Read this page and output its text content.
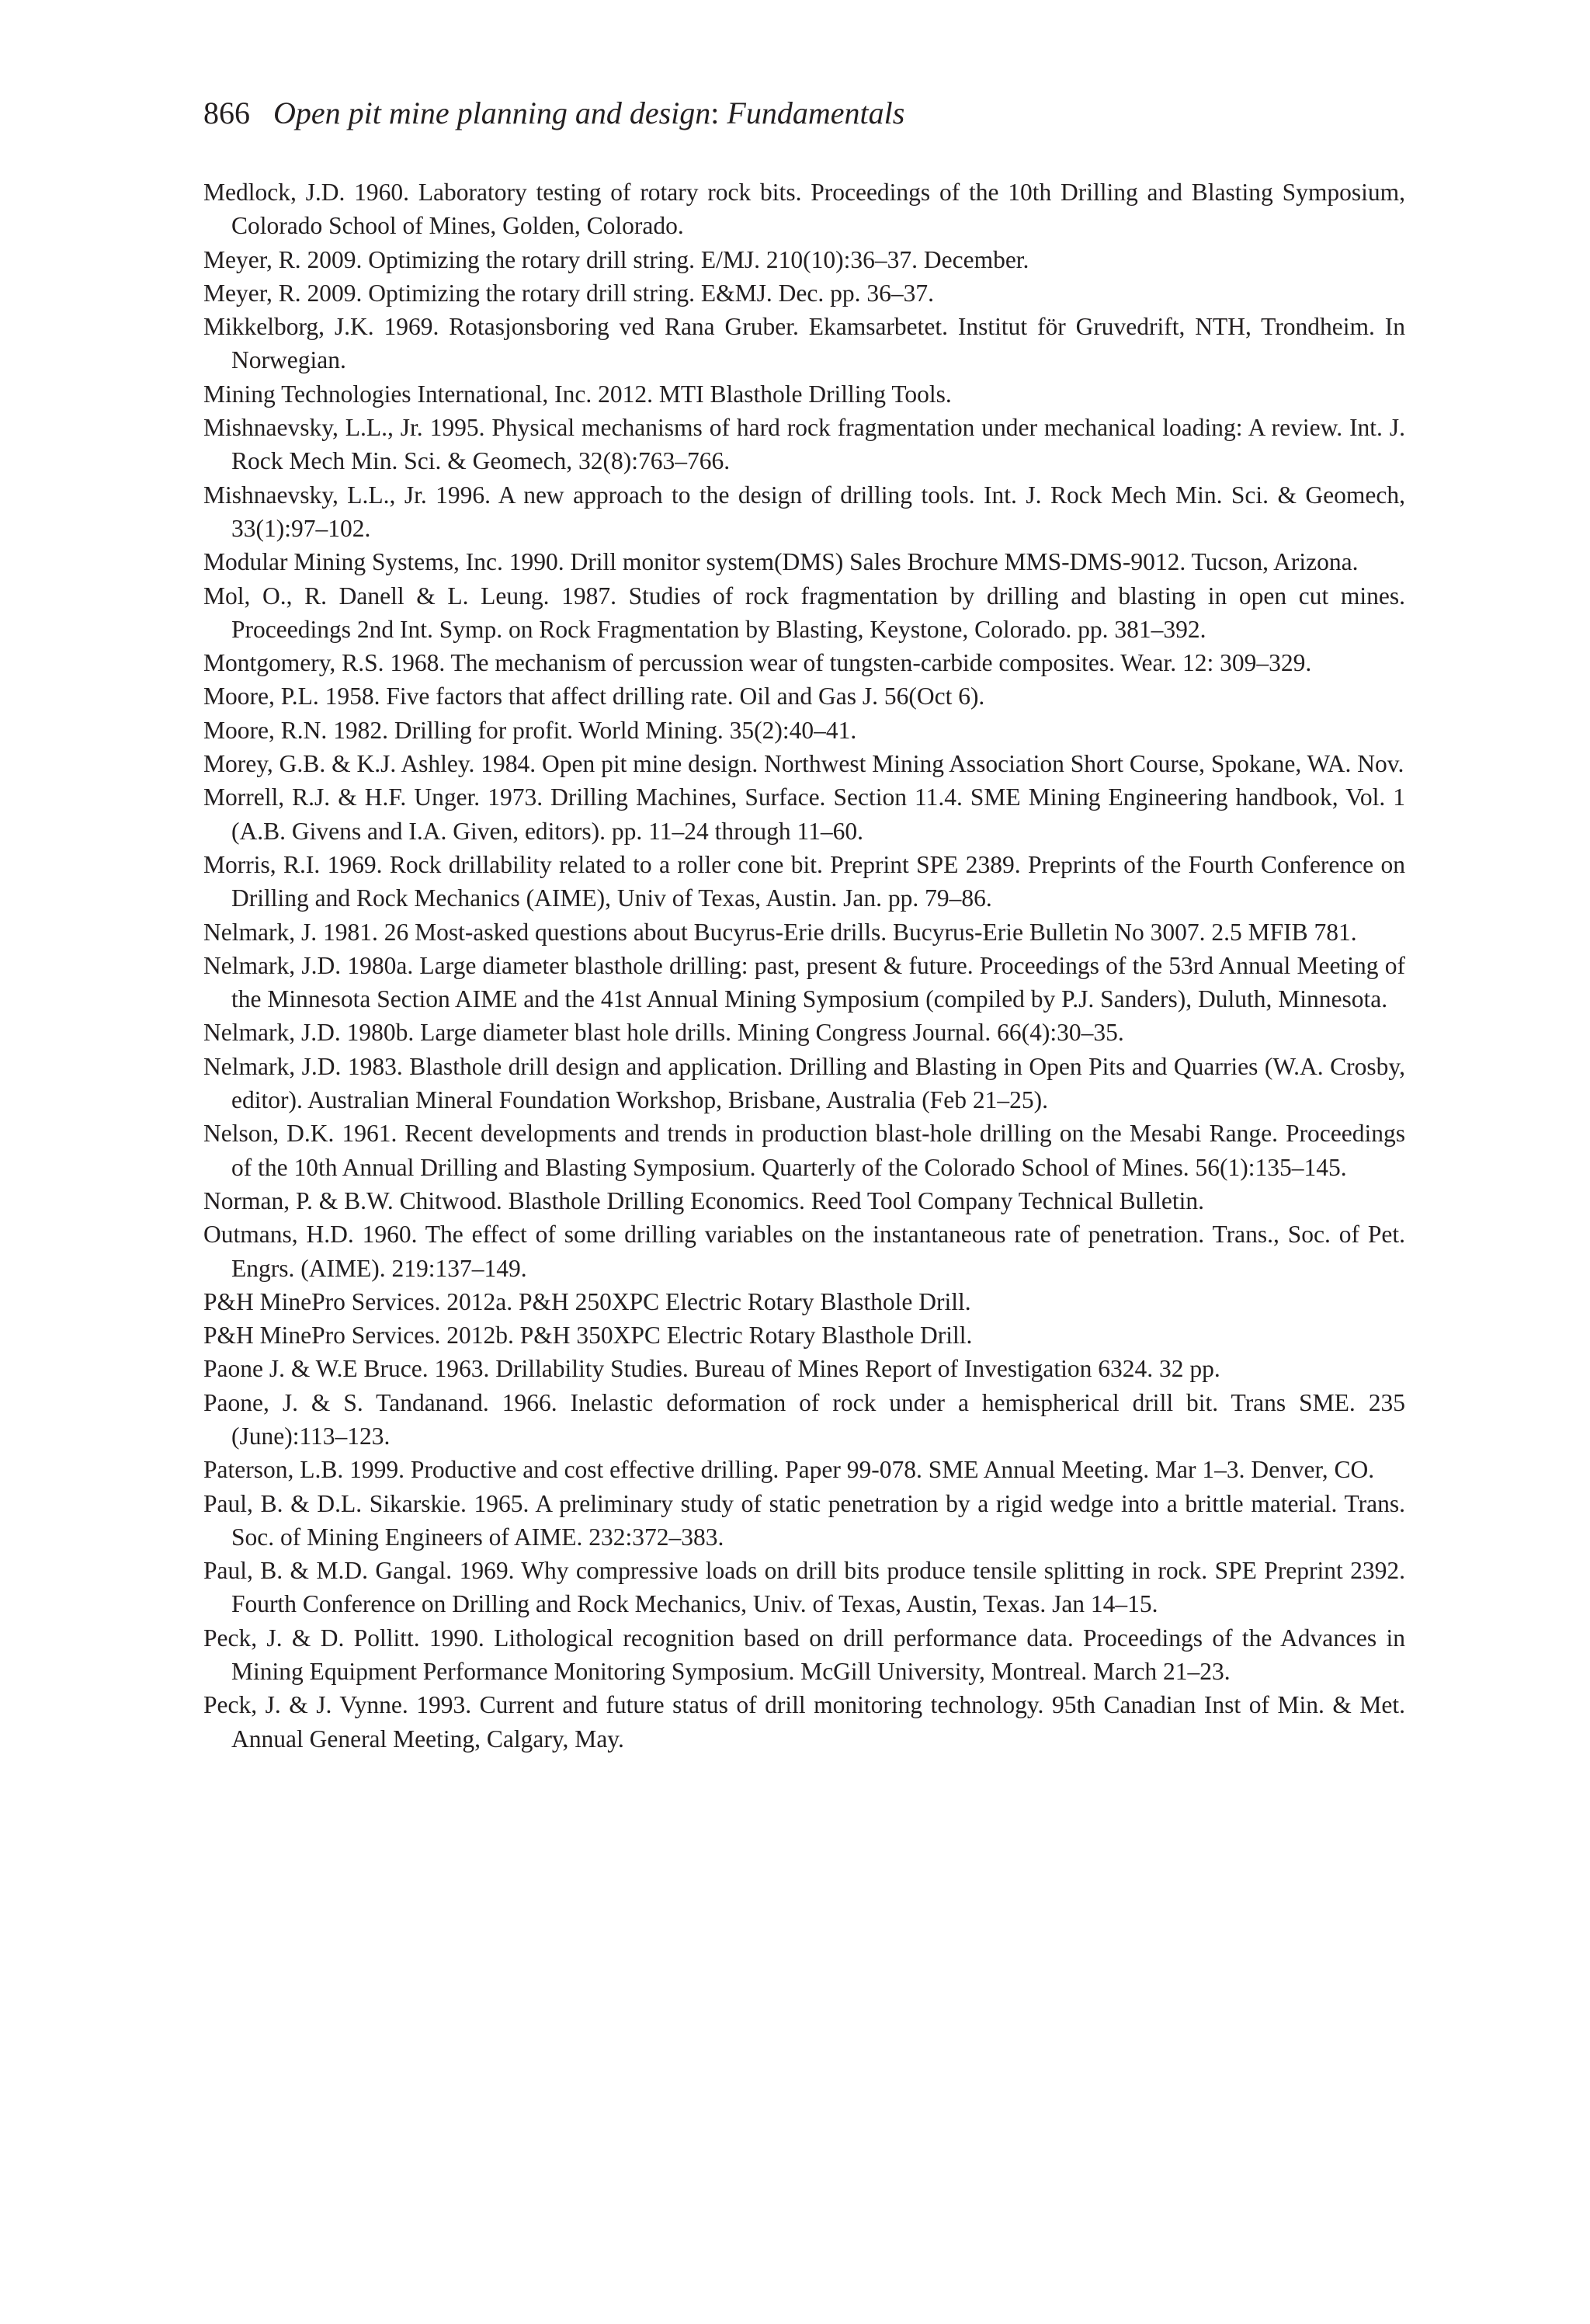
866 Open pit mine planning and design: Fundamentals
Medlock, J.D. 1960. Laboratory testing of rotary rock bits. Proceedings of the 10th Drilling and Blasting Symposium, Colorado School of Mines, Golden, Colorado.
Meyer, R. 2009. Optimizing the rotary drill string. E/MJ. 210(10):36–37. December.
Meyer, R. 2009. Optimizing the rotary drill string. E&MJ. Dec. pp. 36–37.
Mikkelborg, J.K. 1969. Rotasjonsboring ved Rana Gruber. Ekamsarbetet. Institut för Gruvedrift, NTH, Trondheim. In Norwegian.
Mining Technologies International, Inc. 2012. MTI Blasthole Drilling Tools.
Mishnaevsky, L.L., Jr. 1995. Physical mechanisms of hard rock fragmentation under mechanical loading: A review. Int. J. Rock Mech Min. Sci. & Geomech, 32(8):763–766.
Mishnaevsky, L.L., Jr. 1996. A new approach to the design of drilling tools. Int. J. Rock Mech Min. Sci. & Geomech, 33(1):97–102.
Modular Mining Systems, Inc. 1990. Drill monitor system(DMS) Sales Brochure MMS-DMS-9012. Tucson, Arizona.
Mol, O., R. Danell & L. Leung. 1987. Studies of rock fragmentation by drilling and blasting in open cut mines. Proceedings 2nd Int. Symp. on Rock Fragmentation by Blasting, Keystone, Colorado. pp. 381–392.
Montgomery, R.S. 1968. The mechanism of percussion wear of tungsten-carbide composites. Wear. 12: 309–329.
Moore, P.L. 1958. Five factors that affect drilling rate. Oil and Gas J. 56(Oct 6).
Moore, R.N. 1982. Drilling for profit. World Mining. 35(2):40–41.
Morey, G.B. & K.J. Ashley. 1984. Open pit mine design. Northwest Mining Association Short Course, Spokane, WA. Nov.
Morrell, R.J. & H.F. Unger. 1973. Drilling Machines, Surface. Section 11.4. SME Mining Engineering handbook, Vol. 1 (A.B. Givens and I.A. Given, editors). pp. 11–24 through 11–60.
Morris, R.I. 1969. Rock drillability related to a roller cone bit. Preprint SPE 2389. Preprints of the Fourth Conference on Drilling and Rock Mechanics (AIME), Univ of Texas, Austin. Jan. pp. 79–86.
Nelmark, J. 1981. 26 Most-asked questions about Bucyrus-Erie drills. Bucyrus-Erie Bulletin No 3007. 2.5 MFIB 781.
Nelmark, J.D. 1980a. Large diameter blasthole drilling: past, present & future. Proceedings of the 53rd Annual Meeting of the Minnesota Section AIME and the 41st Annual Mining Symposium (compiled by P.J. Sanders), Duluth, Minnesota.
Nelmark, J.D. 1980b. Large diameter blast hole drills. Mining Congress Journal. 66(4):30–35.
Nelmark, J.D. 1983. Blasthole drill design and application. Drilling and Blasting in Open Pits and Quarries (W.A. Crosby, editor). Australian Mineral Foundation Workshop, Brisbane, Australia (Feb 21–25).
Nelson, D.K. 1961. Recent developments and trends in production blast-hole drilling on the Mesabi Range. Proceedings of the 10th Annual Drilling and Blasting Symposium. Quarterly of the Colorado School of Mines. 56(1):135–145.
Norman, P. & B.W. Chitwood. Blasthole Drilling Economics. Reed Tool Company Technical Bulletin.
Outmans, H.D. 1960. The effect of some drilling variables on the instantaneous rate of penetration. Trans., Soc. of Pet. Engrs. (AIME). 219:137–149.
P&H MinePro Services. 2012a. P&H 250XPC Electric Rotary Blasthole Drill.
P&H MinePro Services. 2012b. P&H 350XPC Electric Rotary Blasthole Drill.
Paone J. & W.E Bruce. 1963. Drillability Studies. Bureau of Mines Report of Investigation 6324. 32 pp.
Paone, J. & S. Tandanand. 1966. Inelastic deformation of rock under a hemispherical drill bit. Trans SME. 235 (June):113–123.
Paterson, L.B. 1999. Productive and cost effective drilling. Paper 99-078. SME Annual Meeting. Mar 1–3. Denver, CO.
Paul, B. & D.L. Sikarskie. 1965. A preliminary study of static penetration by a rigid wedge into a brittle material. Trans. Soc. of Mining Engineers of AIME. 232:372–383.
Paul, B. & M.D. Gangal. 1969. Why compressive loads on drill bits produce tensile splitting in rock. SPE Preprint 2392. Fourth Conference on Drilling and Rock Mechanics, Univ. of Texas, Austin, Texas. Jan 14–15.
Peck, J. & D. Pollitt. 1990. Lithological recognition based on drill performance data. Proceedings of the Advances in Mining Equipment Performance Monitoring Symposium. McGill University, Montreal. March 21–23.
Peck, J. & J. Vynne. 1993. Current and future status of drill monitoring technology. 95th Canadian Inst of Min. & Met. Annual General Meeting, Calgary, May.
